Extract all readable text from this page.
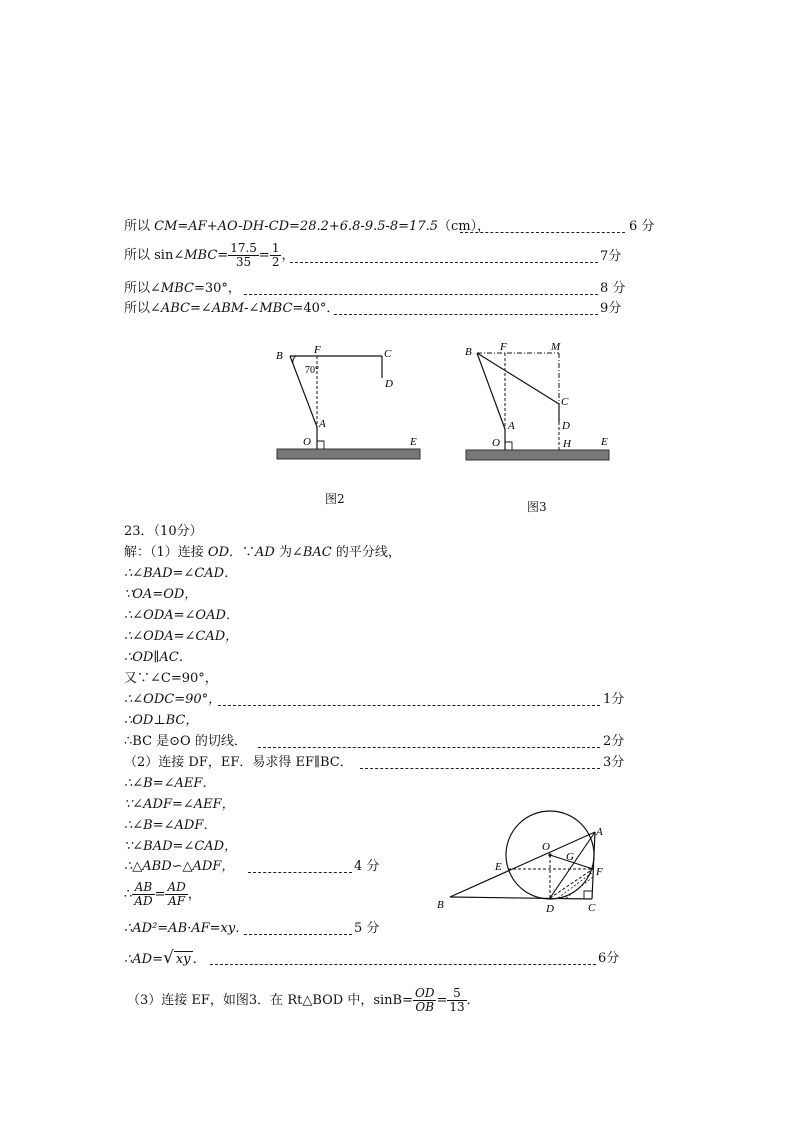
所以 CM=AF+AO-DH-CD=28.2+6.8-9.5-8=17.5（cm），	6 分
所以 sin∠MBC= $\frac{17.5}{35} = \frac{1}{2}$ ，	7分
所以∠MBC=30°，	8 分
所以∠ABC=∠ABM-∠MBC=40°．	9分
70°
B	F	C
D
A
O	E
图2
B	F	M
C
D
A
O	H	E
图3
23．（10分）
解：（1）连接 OD．∵AD 为∠BAC 的平分线，
∴∠BAD=∠CAD．
∵OA=OD，
∴∠ODA=∠OAD．
∴∠ODA=∠CAD，
∴OD∥AC．
又∵∠C=90°，
∴∠ODC=90°，	1分
∴OD⊥BC，
∴BC 是⊙O 的切线．	2分
（2）连接 DF，EF．易求得 EF∥BC．	3分
∴∠B=∠AEF．
∵∠ADF=∠AEF，
∴∠B=∠ADF．
∵∠BAD=∠CAD，
∴△ABD∽△ADF，	4 分
∴ $\frac{AB}{AD} = \frac{AD}{AF}$ ，
∴AD²=AB·AF=xy．	5 分
∴AD=√ xy ．	6分
（3）连接 EF，如图3．在 Rt△BOD 中，$\sin B= \frac{OD}{OB} = \frac{5}{13}$ ．
A
O
G
E	F
B	D	C
